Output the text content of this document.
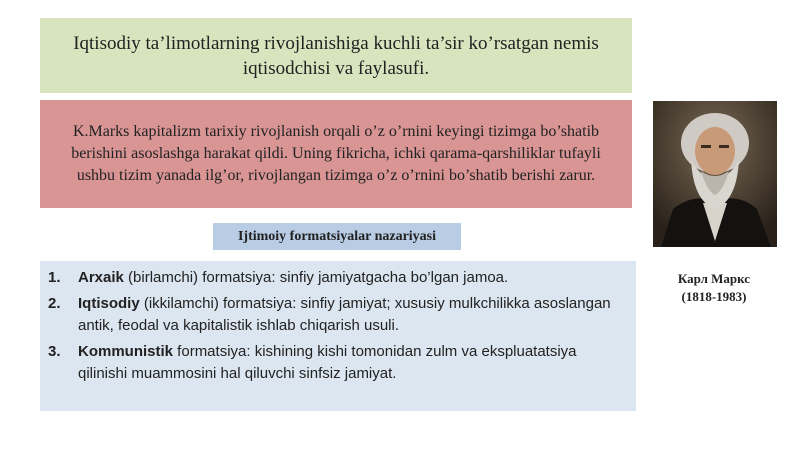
Iqtisodiy ta’limotlarning rivojlanishiga kuchli ta’sir ko’rsatgan nemis iqtisodchisi va faylasufi.
K.Marks kapitalizm tarixiy rivojlanish orqali o’z o’rnini keyingi tizimga bo’shatib berishini asoslashga harakat qildi. Uning fikricha, ichki qarama-qarshiliklar tufayli ushbu tizim yanada ilg’or, rivojlangan tizimga o’z o’rnini bo’shatib berishi zarur.
Ijtimoiy formatsiyalar nazariyasi
1.	Arxaik (birlamchi) formatsiya: sinfiy jamiyatgacha bo’lgan jamoa.
2.	Iqtisodiy (ikkilamchi) formatsiya: sinfiy jamiyat; xususiy mulkchilikka asoslangan antik, feodal va kapitalistik ishlab chiqarish usuli.
3.	Kommunistik formatsiya: kishining kishi tomonidan zulm va ekspluatatsiya qilinishi muammosini hal qiluvchi sinfsiz jamiyat.
Карл Маркс
(1818-1983)
